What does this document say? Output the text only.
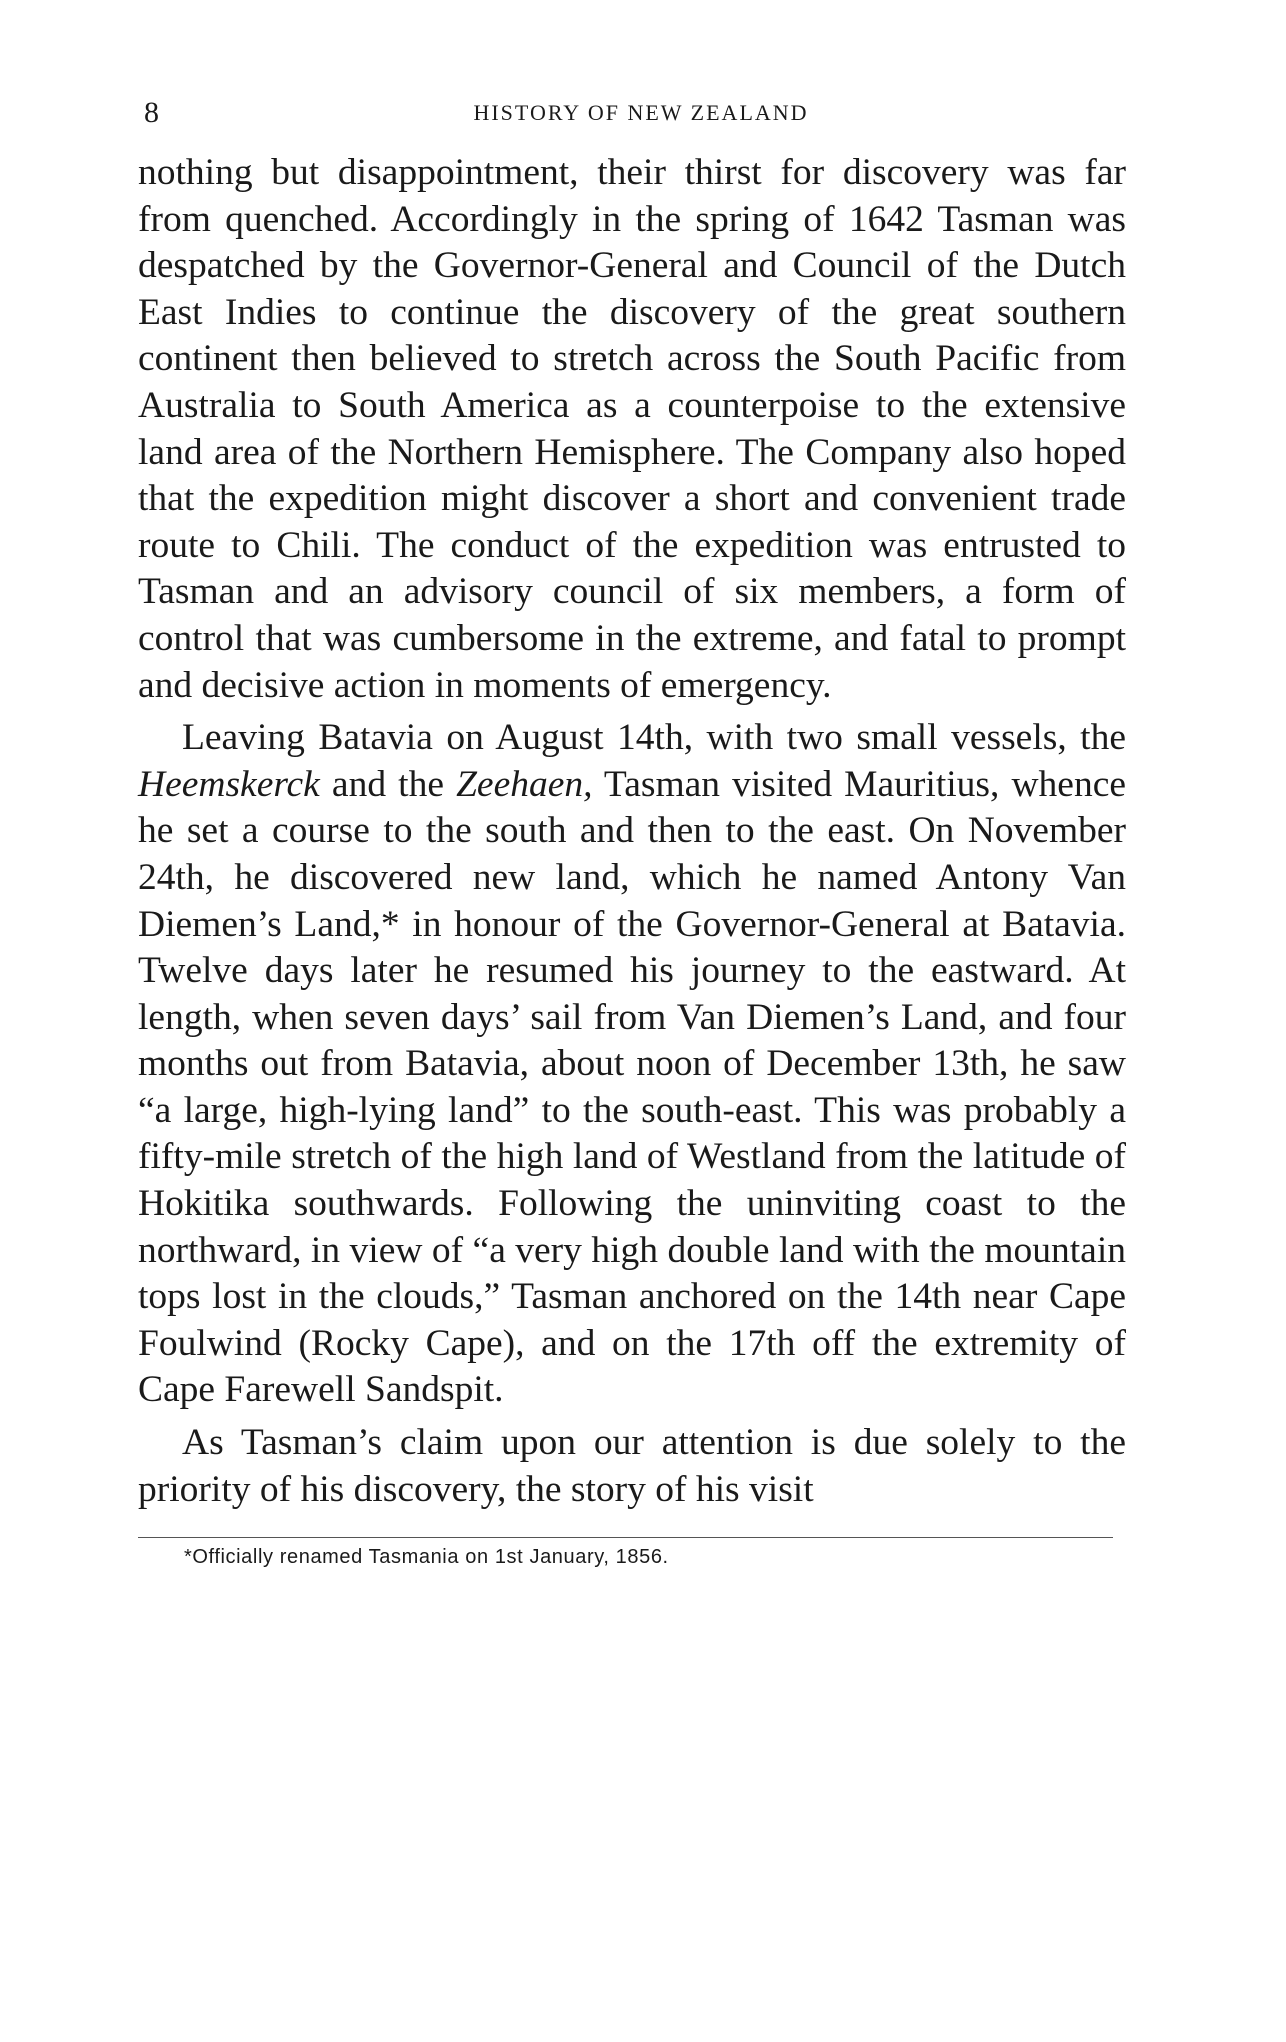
8	HISTORY OF NEW ZEALAND

nothing but disappointment, their thirst for discovery was far from quenched. Accordingly in the spring of 1642 Tasman was despatched by the Governor-General and Council of the Dutch East Indies to continue the discovery of the great southern continent then believed to stretch across the South Pacific from Australia to South America as a counterpoise to the extensive land area of the Northern Hemisphere. The Company also hoped that the expedition might discover a short and convenient trade route to Chili. The conduct of the expedition was entrusted to Tasman and an advisory council of six members, a form of control that was cumbersome in the extreme, and fatal to prompt and decisive action in moments of emergency.

Leaving Batavia on August 14th, with two small vessels, the Heemskerck and the Zeehaen, Tasman visited Mauritius, whence he set a course to the south and then to the east. On November 24th, he discovered new land, which he named Antony Van Diemen’s Land,* in honour of the Governor-General at Batavia. Twelve days later he resumed his journey to the eastward. At length, when seven days’ sail from Van Diemen’s Land, and four months out from Batavia, about noon of December 13th, he saw “a large, high-lying land” to the south-east. This was probably a fifty-mile stretch of the high land of Westland from the latitude of Hokitika southwards. Following the uninviting coast to the northward, in view of “a very high double land with the mountain tops lost in the clouds,” Tasman anchored on the 14th near Cape Foulwind (Rocky Cape), and on the 17th off the extremity of Cape Farewell Sandspit.

As Tasman’s claim upon our attention is due solely to the priority of his discovery, the story of his visit

*Officially renamed Tasmania on 1st January, 1856.
